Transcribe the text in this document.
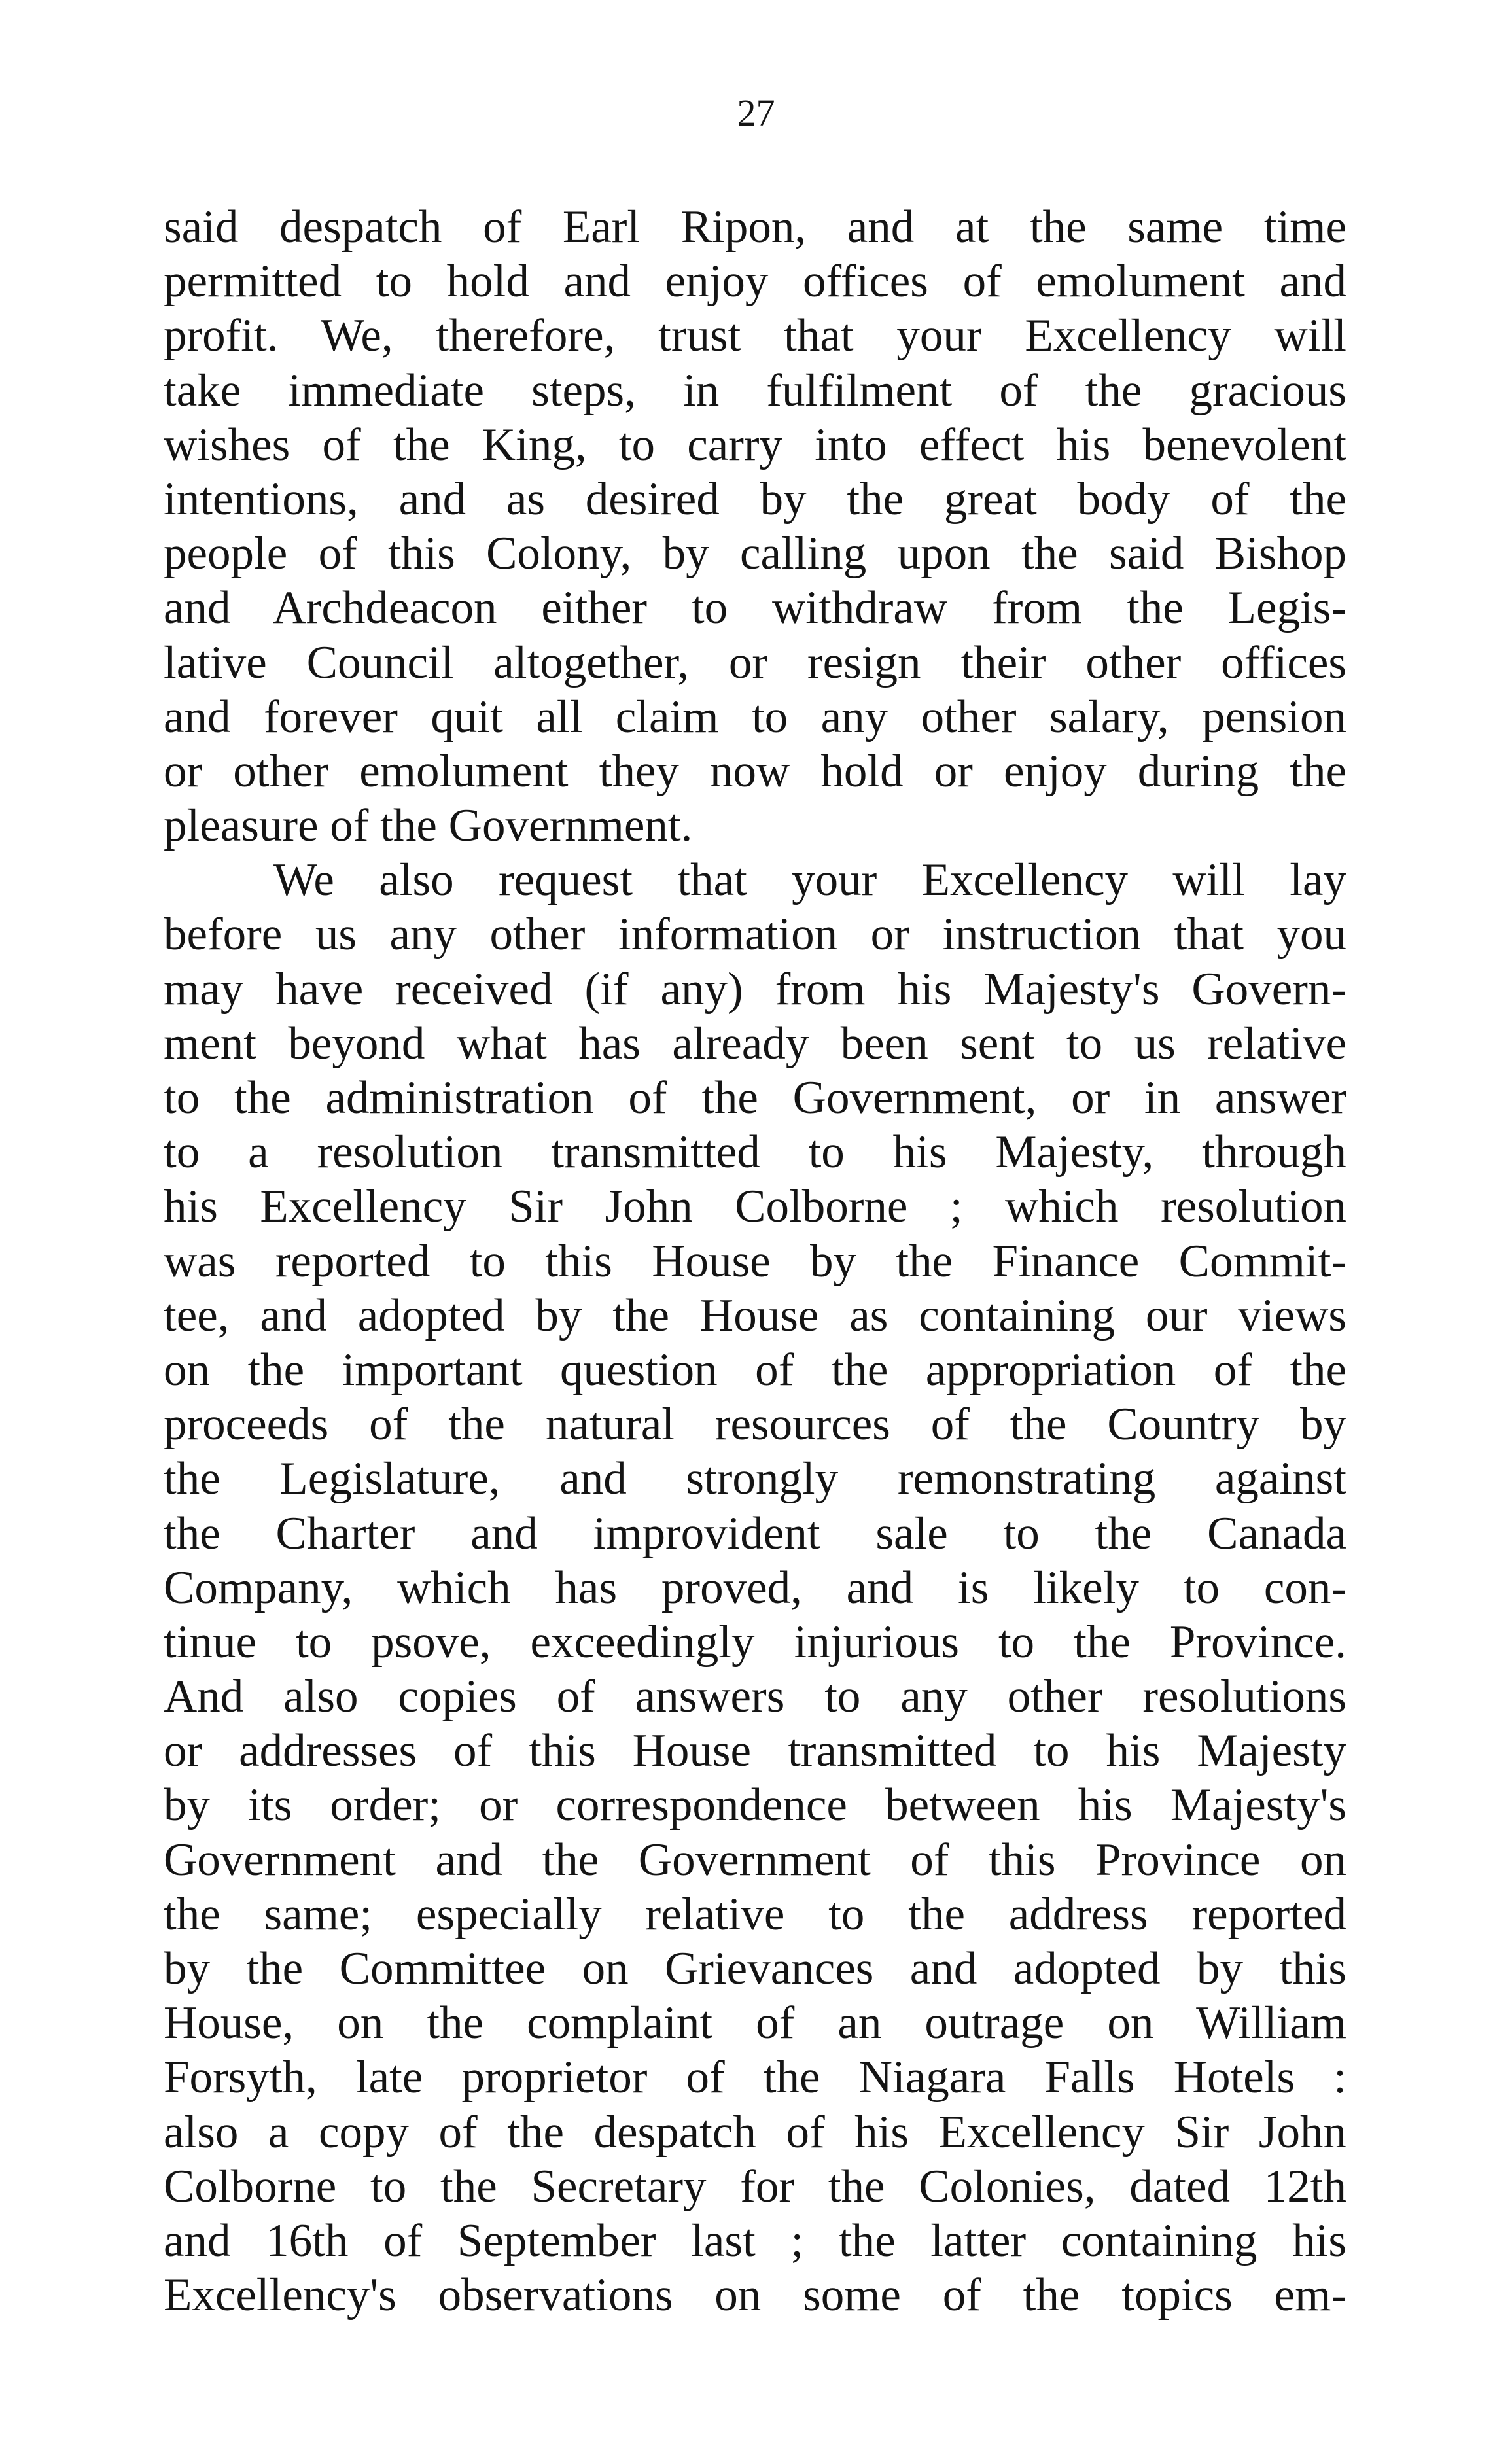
27
said despatch of Earl Ripon, and at the same time
permitted to hold and enjoy offices of emolument and
profit. We, therefore, trust that your Excellency will
take immediate steps, in fulfilment of the gracious
wishes of the King, to carry into effect his benevolent
intentions, and as desired by the great body of the
people of this Colony, by calling upon the said Bishop
and Archdeacon either to withdraw from the Legis-
lative Council altogether, or resign their other offices
and forever quit all claim to any other salary, pension
or other emolument they now hold or enjoy during the
pleasure of the Government.
We also request that your Excellency will lay
before us any other information or instruction that you
may have received (if any) from his Majesty's Govern-
ment beyond what has already been sent to us relative
to the administration of the Government, or in answer
to a resolution transmitted to his Majesty, through
his Excellency Sir John Colborne ; which resolution
was reported to this House by the Finance Commit-
tee, and adopted by the House as containing our views
on the important question of the appropriation of the
proceeds of the natural resources of the Country by
the Legislature, and strongly remonstrating against
the Charter and improvident sale to the Canada
Company, which has proved, and is likely to con-
tinue to psove, exceedingly injurious to the Province.
And also copies of answers to any other resolutions
or addresses of this House transmitted to his Majesty
by its order; or correspondence between his Majesty's
Government and the Government of this Province on
the same; especially relative to the address reported
by the Committee on Grievances and adopted by this
House, on the complaint of an outrage on William
Forsyth, late proprietor of the Niagara Falls Hotels :
also a copy of the despatch of his Excellency Sir John
Colborne to the Secretary for the Colonies, dated 12th
and 16th of September last ; the latter containing his
Excellency's observations on some of the topics em-
